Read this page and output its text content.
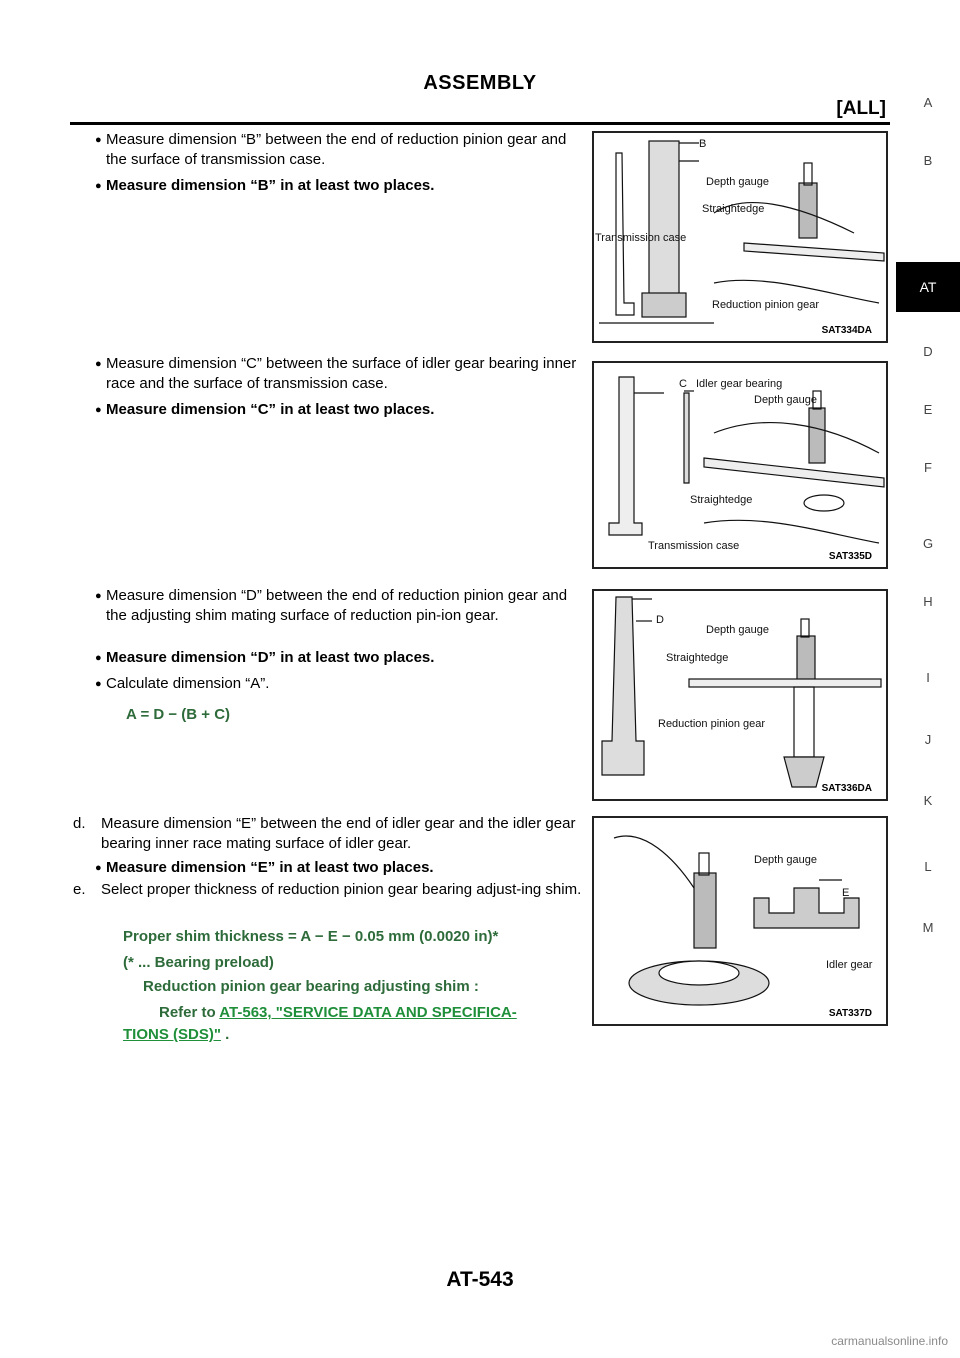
ASSEMBLY
[ALL]	A
B
AT
D
E
F
G
H
I
J
K
L
M
● Measure dimension “B” between the end of reduction pinion gear and the surface of transmission case.
● Measure dimension “B” in at least two places.
● Measure dimension “C” between the surface of idler gear bearing inner race and the surface of transmission case.
● Measure dimension “C” in at least two places.
● Measure dimension “D” between the end of reduction pinion gear and the adjusting shim mating surface of reduction pin-ion gear.
● Measure dimension “D” in at least two places.
● Calculate dimension “A”.
A = D − (B + C)
d.	Measure dimension “E” between the end of idler gear and the idler gear bearing inner race mating surface of idler gear.
● Measure dimension “E” in at least two places.
e.	Select proper thickness of reduction pinion gear bearing adjust-ing shim.
Proper shim thickness = A − E − 0.05 mm (0.0020 in)*
(* ... Bearing preload)
Reduction pinion gear bearing adjusting shim :
Refer to AT-563, "SERVICE DATA AND SPECIFICA-
TIONS (SDS)" .
B
Depth gauge
Straightedge
Transmission case
Reduction pinion gear
SAT334DA
C Idler gear bearing
Depth gauge
Straightedge
Transmission case
SAT335D
D
Depth gauge
Straightedge
Reduction pinion gear
SAT336DA
Depth gauge
E
Idler gear
SAT337D
AT-543
carmanualsonline.info
